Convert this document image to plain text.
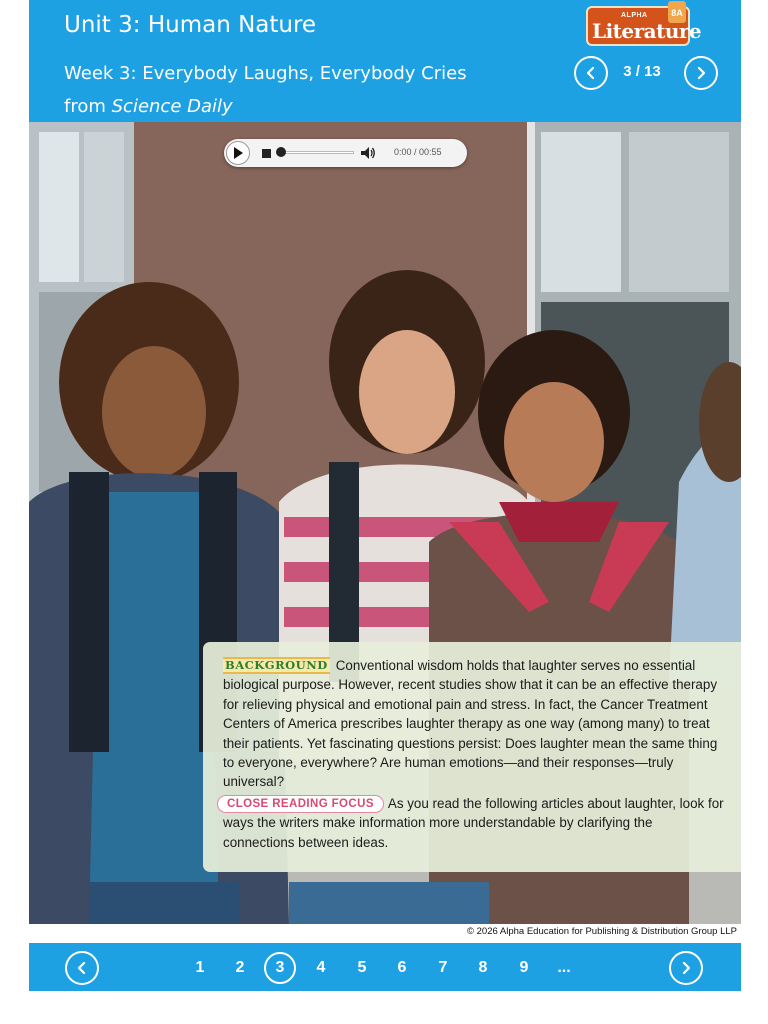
Unit 3: Human Nature
Week 3: Everybody Laughs, Everybody Cries
from Science Daily
8A
ALPHA
Literature
3 / 13
0:00 / 00:55

BACKGROUND Conventional wisdom holds that laughter serves no essential biological purpose. However, recent studies show that it can be an effective therapy for relieving physical and emotional pain and stress. In fact, the Cancer Treatment Centers of America prescribes laughter therapy as one way (among many) to treat their patients. Yet fascinating questions persist: Does laughter mean the same thing to everyone, everywhere? Are human emotions—and their responses—truly universal?

CLOSE READING FOCUS As you read the following articles about laughter, look for ways the writers make information more understandable by clarifying the connections between ideas.

© 2026 Alpha Education for Publishing & Distribution Group LLP
1	2	3	4	5	6	7	8	9	...
